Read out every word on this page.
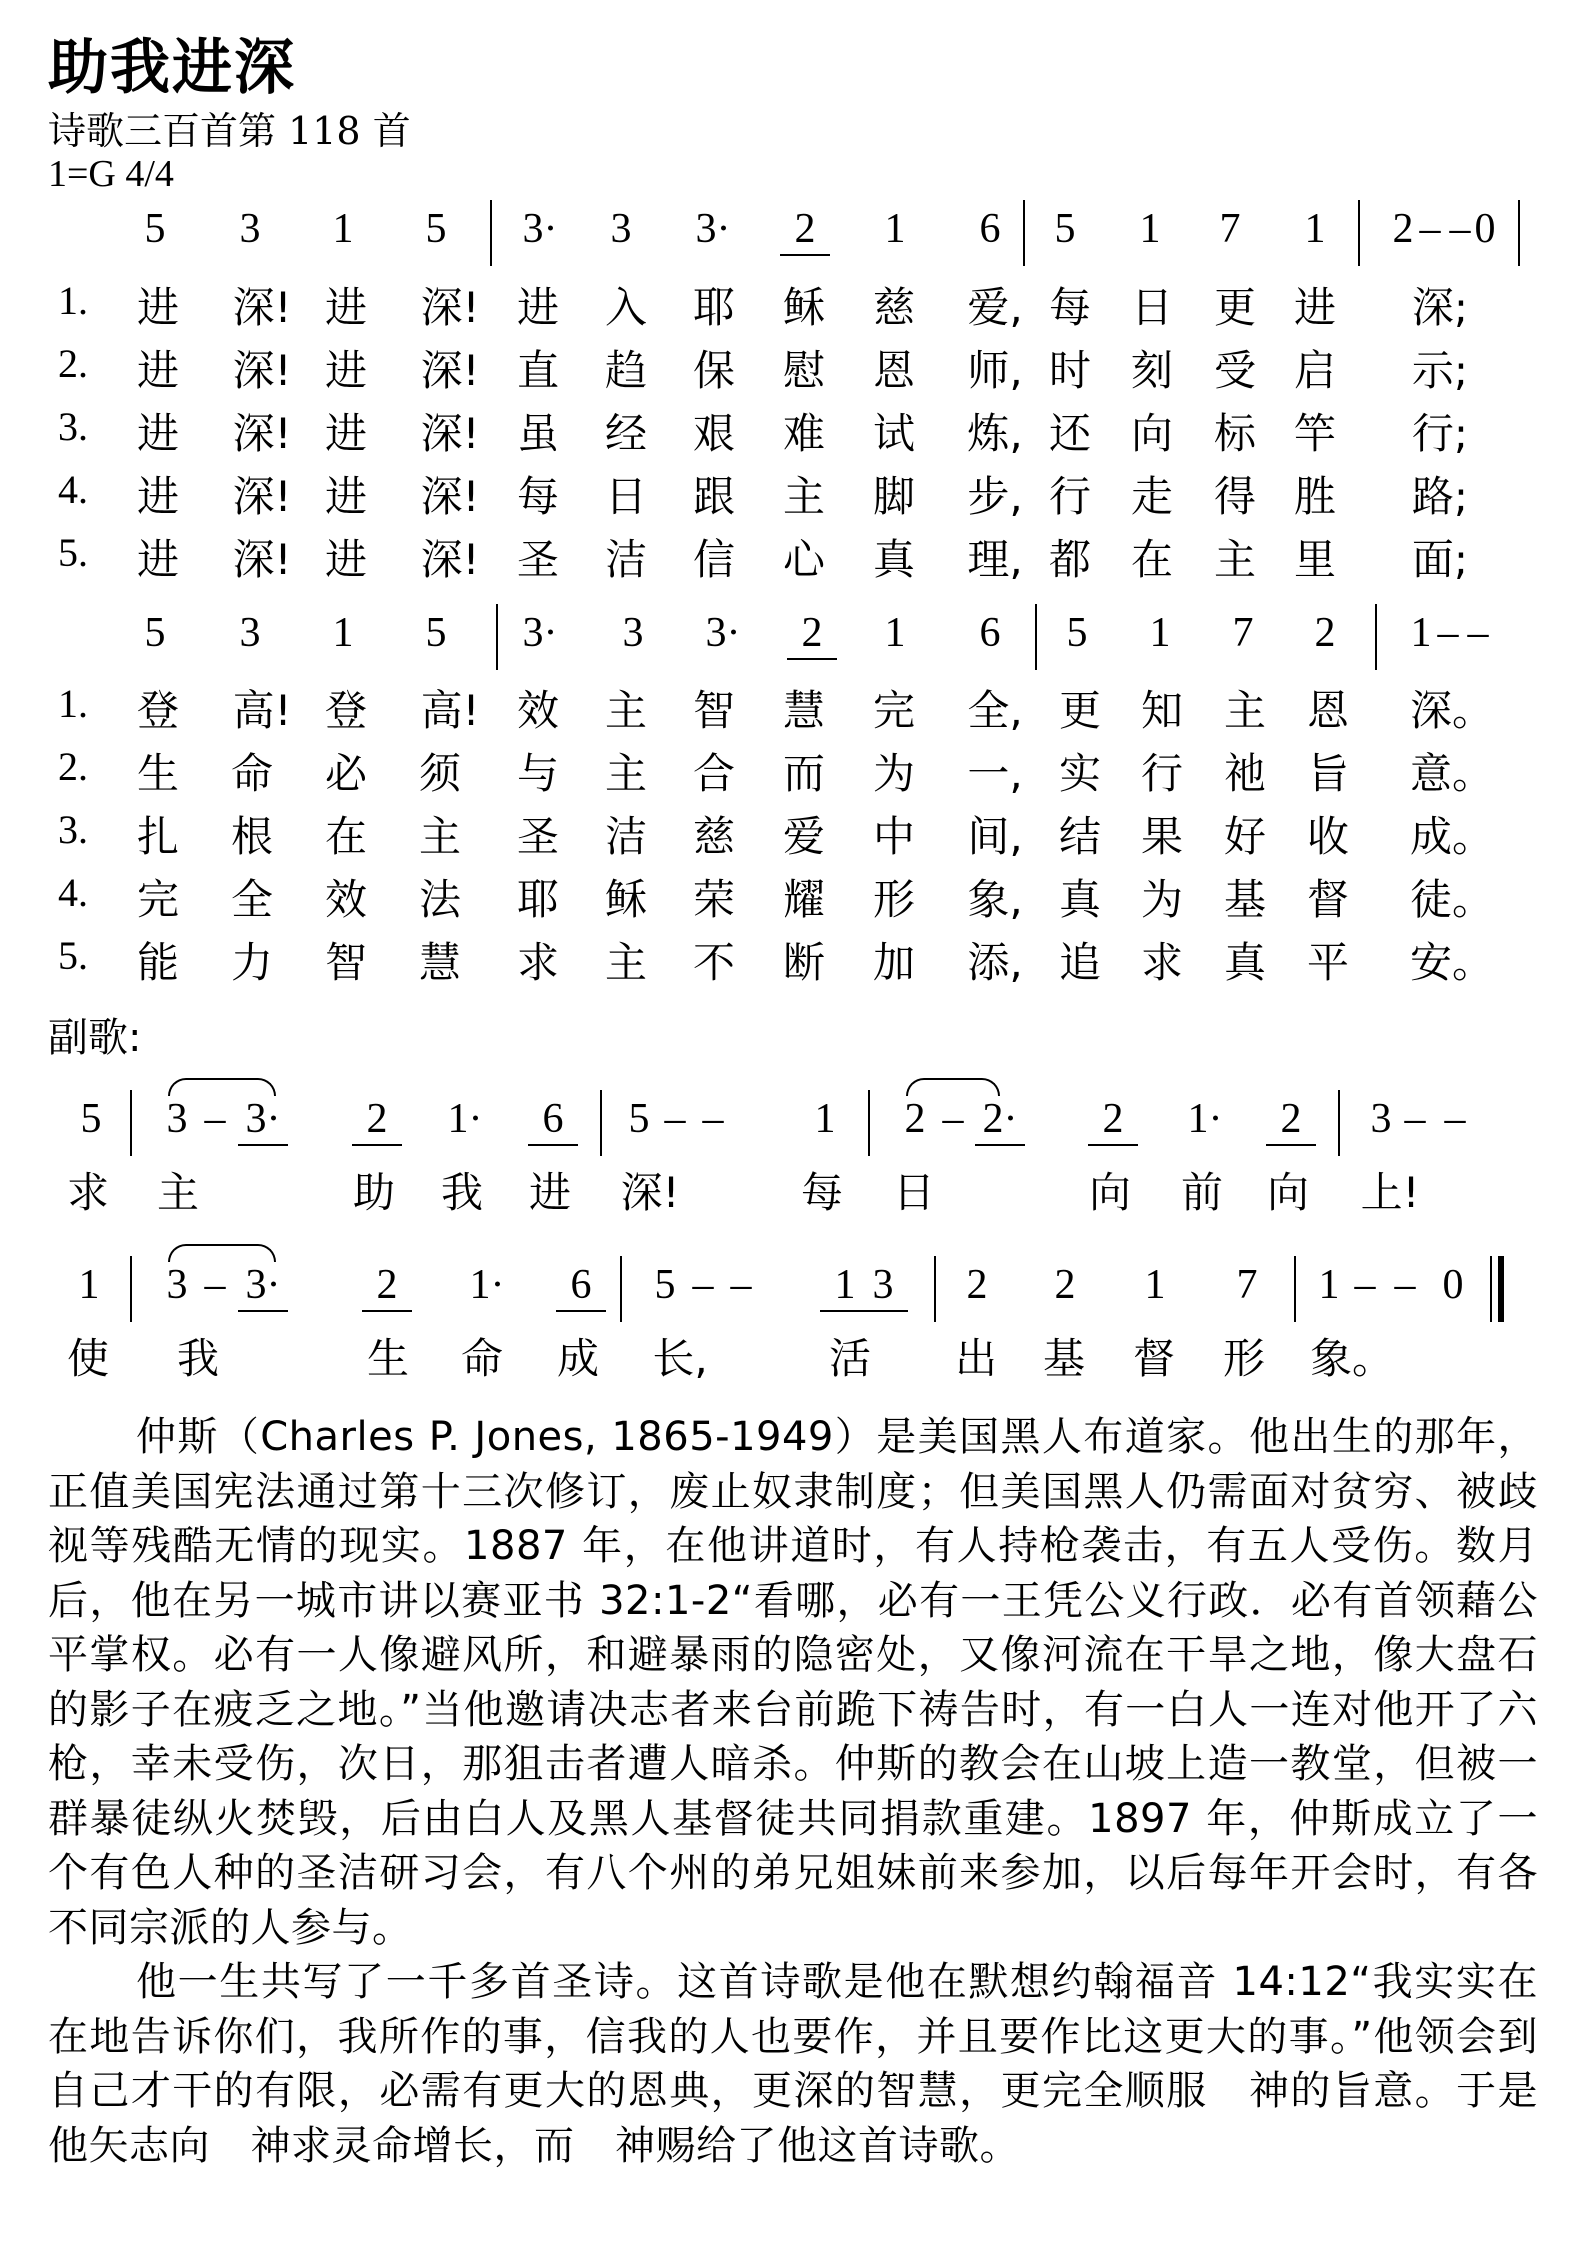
助我进深
诗歌三百首第 118 首
1=G 4/4
5	3	1	5	3·	3	3·	2	1	6	5	1	7	1	2 – – 0
1.	进 深! 进 深! 进 入 耶 稣 慈 爱, 每 日 更 进 深;
2.	进 深! 进 深! 直 趋 保 慰 恩 师, 时 刻 受 启 示;
3.	进 深! 进 深! 虽 经 艰 难 试 炼, 还 向 标 竿 行;
4.	进 深! 进 深! 每 日 跟 主 脚 步, 行 走 得 胜 路;
5.	进 深! 进 深! 圣 洁 信 心 真 理, 都 在 主 里 面;
5	3	1	5	3·	3	3·	2	1	6	5	1	7	2	1 – –
1.	登 高! 登 高! 效 主 智 慧 完 全, 更 知 主 恩 深。
2.	生 命 必 须 与 主 合 而 为 一, 实 行 祂 旨 意。
3.	扎 根 在 主 圣 洁 慈 爱 中 间, 结 果 好 收 成。
4.	完 全 效 法 耶 稣 荣 耀 形 象, 真 为 基 督 徒。
5.	能 力 智 慧 求 主 不 断 加 添, 追 求 真 平 安。
副歌:
5	3 – 3·	2	1·	6	5 – –	1	2 – 2·	2	1·	2	3 – –
求 主	助 我 进 深!	每 日	向 前 向 上!
1	3 – 3·	2	1·	6	5 – –	1 3	2	2	1	7	1 – – 0
使 我	生 命 成 长,	活 出 基 督 形 象。

仲斯（Charles P. Jones, 1865-1949）是美国黑人布道家。他出生的那年，正值美国宪法通过第十三次修订，废止奴隶制度；但美国黑人仍需面对贫穷、被歧视等残酷无情的现实。1887 年，在他讲道时，有人持枪袭击，有五人受伤。数月后，他在另一城市讲以赛亚书 32:1-2“看哪，必有一王凭公义行政．必有首领藉公平掌权。必有一人像避风所，和避暴雨的隐密处，又像河流在干旱之地，像大盘石的影子在疲乏之地。”当他邀请决志者来台前跪下祷告时，有一白人一连对他开了六枪，幸未受伤，次日，那狙击者遭人暗杀。仲斯的教会在山坡上造一教堂，但被一群暴徒纵火焚毁，后由白人及黑人基督徒共同捐款重建。1897 年，仲斯成立了一个有色人种的圣洁研习会，有八个州的弟兄姐妹前来参加，以后每年开会时，有各不同宗派的人参与。

他一生共写了一千多首圣诗。这首诗歌是他在默想约翰福音 14:12“我实实在在地告诉你们，我所作的事，信我的人也要作，并且要作比这更大的事。”他领会到自己才干的有限，必需有更大的恩典，更深的智慧，更完全顺服　神的旨意。于是他矢志向　神求灵命增长，而　神赐给了他这首诗歌。
